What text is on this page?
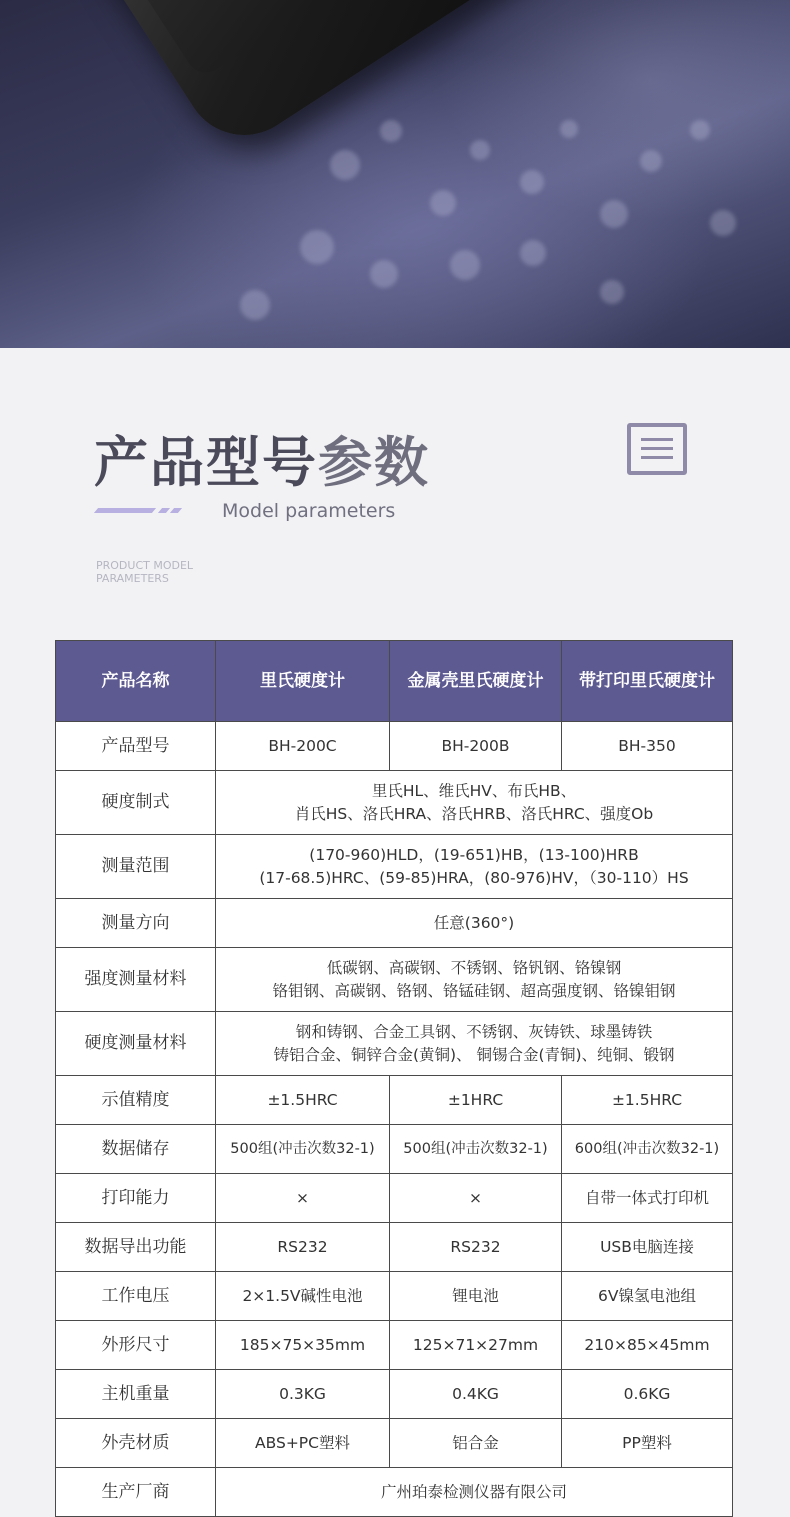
产品型号参数
Model parameters
PRODUCT MODEL
PARAMETERS
产品名称	里氏硬度计	金属壳里氏硬度计	带打印里氏硬度计
产品型号	BH-200C	BH-200B	BH-350
硬度制式	里氏HL、维氏HV、布氏HB、
肖氏HS、洛氏HRA、洛氏HRB、洛氏HRC、强度Ob		

测量范围	(170-960)HLD，(19-651)HB，(13-100)HRB
(17-68.5)HRC、(59-85)HRA，(80-976)HV，（30-110）HS		

测量方向	任意(360°)		
强度测量材料	低碳钢、高碳钢、不锈钢、铬钒钢、铬镍钢
铬钼钢、高碳钢、铬钢、铬锰硅钢、超高强度钢、铬镍钼钢		

硬度测量材料	钢和铸钢、合金工具钢、不锈钢、灰铸铁、球墨铸铁
铸铝合金、铜锌合金(黄铜)、 铜锡合金(青铜)、纯铜、锻钢		

示值精度	±1.5HRC	±1HRC	±1.5HRC
数据储存	500组(冲击次数32-1)	500组(冲击次数32-1)	600组(冲击次数32-1)
打印能力	×	×	自带一体式打印机
数据导出功能	RS232	RS232	USB电脑连接
工作电压	2×1.5V碱性电池	锂电池	6V镍氢电池组
外形尺寸	185×75×35mm	125×71×27mm	210×85×45mm
主机重量	0.3KG	0.4KG	0.6KG
外壳材质	ABS+PC塑料	铝合金	PP塑料
生产厂商	广州珀泰检测仪器有限公司		
